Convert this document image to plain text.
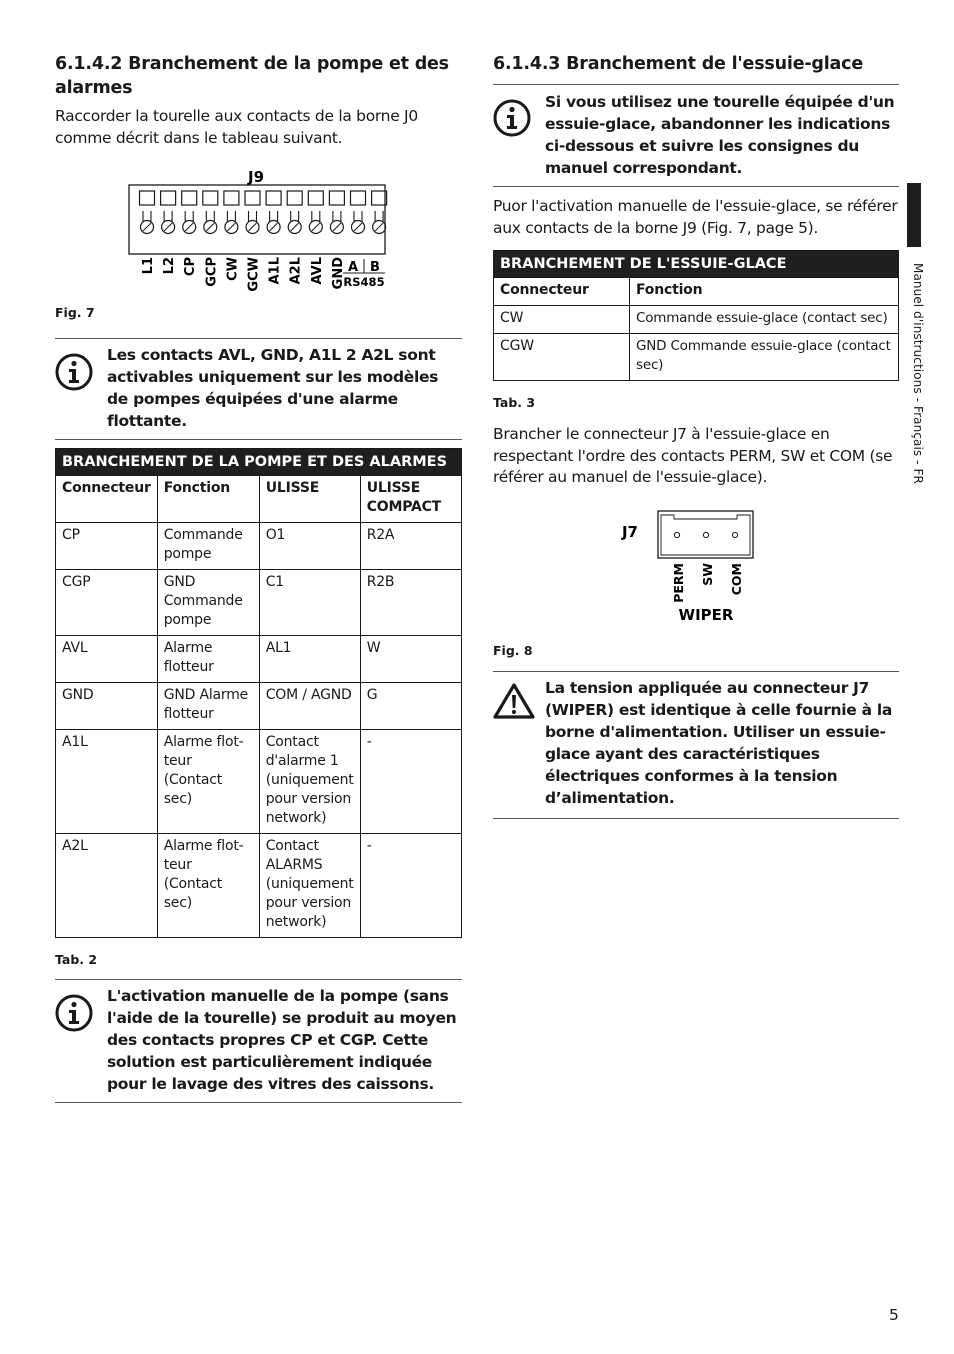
6.1.4.2 Branchement de la pompe et des alarmes

Raccorder la tourelle aux contacts de la borne J0 comme décrit dans le tableau suivant.

J9
L1 L2 CP GCP CW GCW A1L A2L AVL GND A B
RS485
Fig. 7
Les contacts AVL, GND, A1L 2 A2L sont activables uniquement sur les modèles de pompes équipées d'une alarme flottante.
BRANCHEMENT DE LA POMPE ET DES ALARMES			
Connecteur	Fonction	ULISSE	ULISSE COMPACT
CP	Commande pompe	O1	R2A
CGP	GND Commande pompe	C1	R2B
AVL	Alarme flotteur	AL1	W
GND	GND Alarme flotteur	COM / AGND	G
A1L	Alarme flot-teur (Contact sec)	Contact d'alarme 1 (uniquement pour version network)	-
A2L	Alarme flot-teur (Contact sec)	Contact ALARMS (uniquement pour version network)	-
Tab. 2
L'activation manuelle de la pompe (sans l'aide de la tourelle) se produit au moyen des contacts propres CP et CGP. Cette solution est particulièrement indiquée pour le lavage des vitres des caissons.
6.1.4.3 Branchement de l'essuie-glace
Si vous utilisez une tourelle équipée d'un essuie-glace, abandonner les indications ci-dessous et suivre les consignes du manuel correspondant.

Puor l'activation manuelle de l'essuie-glace, se référer aux contacts de la borne J9 (Fig. 7, page 5).

BRANCHEMENT DE L'ESSUIE-GLACE	
Connecteur	Fonction
CW	Commande essuie-glace (contact sec)
CGW	GND Commande essuie-glace (contact sec)
Tab. 3

Brancher le connecteur J7 à l'essuie-glace en respectant l'ordre des contacts PERM, SW et COM (se référer au manuel de l'essuie-glace).

J7
PERM SW COM
WIPER
Fig. 8
La tension appliquée au connecteur J7 (WIPER) est identique à celle fournie à la borne d'alimentation. Utiliser un essuie-glace ayant des caractéristiques électriques conformes à la tension d’alimentation.
Manuel d'instructions - Français - FR
5
